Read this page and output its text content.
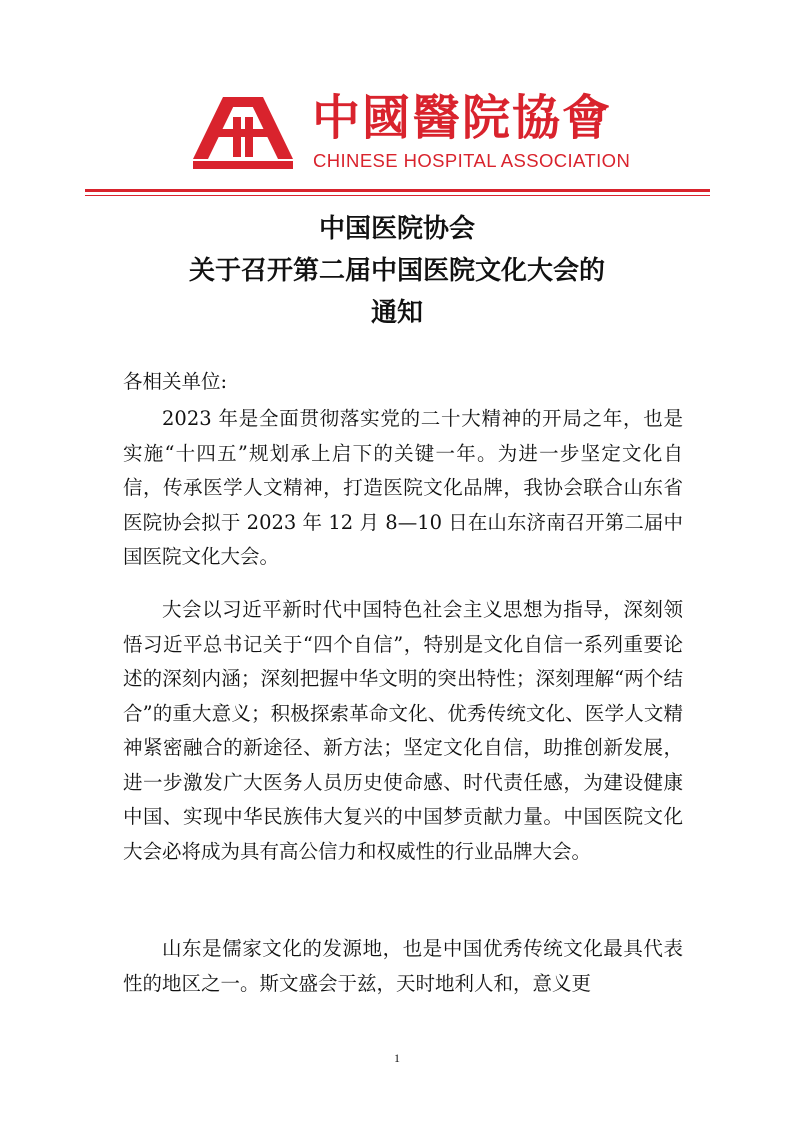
中國醫院協會
CHINESE HOSPITAL ASSOCIATION
中国医院协会
关于召开第二届中国医院文化大会的
通知
各相关单位:

2023 年是全面贯彻落实党的二十大精神的开局之年，也是实施“十四五”规划承上启下的关键一年。为进一步坚定文化自信，传承医学人文精神，打造医院文化品牌，我协会联合山东省医院协会拟于 2023 年 12 月 8—10 日在山东济南召开第二届中国医院文化大会。

大会以习近平新时代中国特色社会主义思想为指导，深刻领悟习近平总书记关于“四个自信”，特别是文化自信一系列重要论述的深刻内涵；深刻把握中华文明的突出特性；深刻理解“两个结合”的重大意义；积极探索革命文化、优秀传统文化、医学人文精神紧密融合的新途径、新方法；坚定文化自信，助推创新发展，进一步激发广大医务人员历史使命感、时代责任感，为建设健康中国、实现中华民族伟大复兴的中国梦贡献力量。中国医院文化大会必将成为具有高公信力和权威性的行业品牌大会。

山东是儒家文化的发源地，也是中国优秀传统文化最具代表性的地区之一。斯文盛会于兹，天时地利人和，意义更

1
